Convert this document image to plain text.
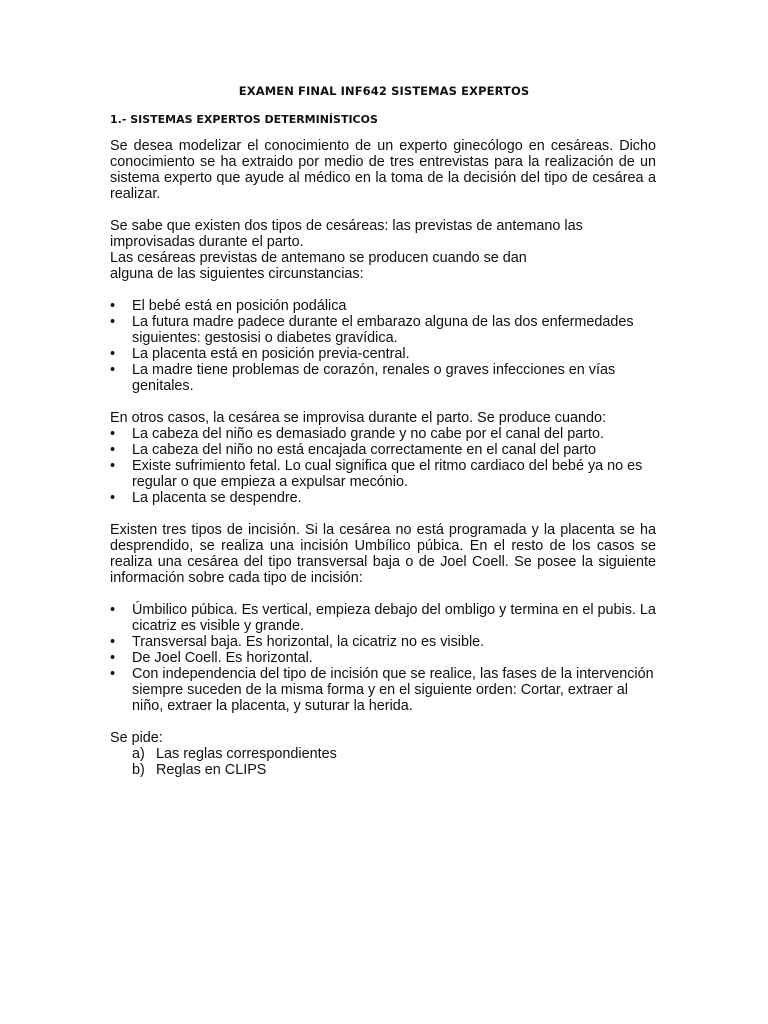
EXAMEN FINAL INF642 SISTEMAS EXPERTOS
1.- SISTEMAS EXPERTOS DETERMINÍSTICOS

Se desea modelizar el conocimiento de un experto ginecólogo en cesáreas. Dicho conocimiento se ha extraido por medio de tres entrevistas para la realización de un sistema experto que ayude al médico en la toma de la decisión del tipo de cesárea a realizar.

Se sabe que existen dos tipos de cesáreas: las previstas de antemano las improvisadas durante el parto.

Las cesáreas previstas de antemano se producen cuando se dan

alguna de las siguientes circunstancias:

• El bebé está en posición podálica
• La futura madre padece durante el embarazo alguna de las dos enfermedades siguientes: gestosisi o diabetes gravídica.
• La placenta está en posición previa-central.
• La madre tiene problemas de corazón, renales o graves infecciones en vías genitales.

En otros casos, la cesárea se improvisa durante el parto. Se produce cuando:

• La cabeza del niño es demasiado grande y no cabe por el canal del parto.
• La cabeza del niño no está encajada correctamente en el canal del parto
• Existe sufrimiento fetal. Lo cual significa que el ritmo cardiaco del bebé ya no es regular o que empieza a expulsar mecónio.
• La placenta se despendre.

Existen tres tipos de incisión. Si la cesárea no está programada y la placenta se ha desprendido, se realiza una incisión Umbílico púbica. En el resto de los casos se realiza una cesárea del tipo transversal baja o de Joel Coell. Se posee la siguiente información sobre cada tipo de incisión:

• Úmbilico púbica. Es vertical, empieza debajo del ombligo y termina en el pubis. La cicatriz es visible y grande.
• Transversal baja. Es horizontal, la cicatriz no es visible.
• De Joel Coell. Es horizontal.
• Con independencia del tipo de incisión que se realice, las fases de la intervención siempre suceden de la misma forma y en el siguiente orden: Cortar, extraer al niño, extraer la placenta, y suturar la herida.

Se pide:

a) Las reglas correspondientes
b) Reglas en CLIPS
